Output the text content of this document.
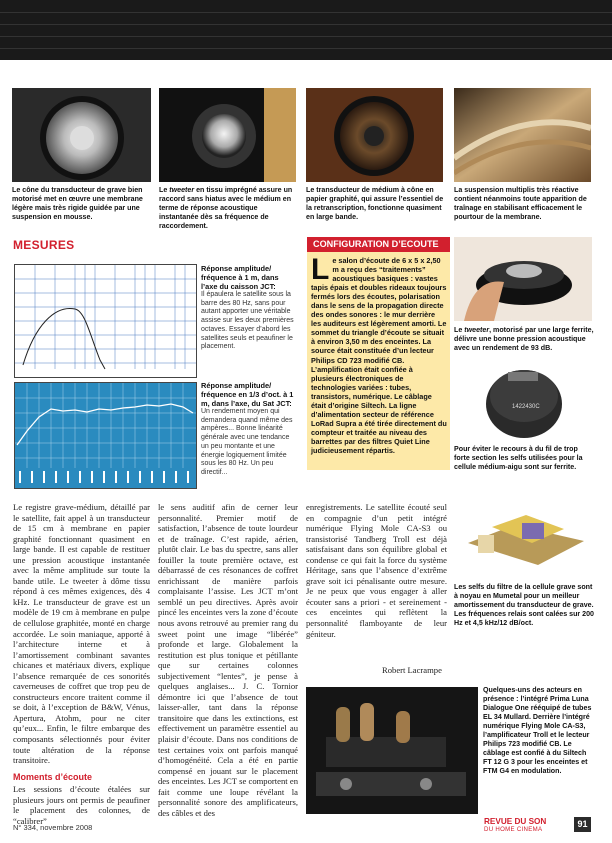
Le cône du transducteur de grave bien motorisé met en œuvre une membrane légère mais très rigide guidée par une suspension en mousse.
Le tweeter en tissu imprégné assure un raccord sans hiatus avec le médium en terme de réponse acoustique instantanée dès sa fréquence de raccordement.
Le transducteur de médium à cône en papier graphité, qui assure l’essentiel de la retranscription, fonctionne quasiment en large bande.
La suspension multiplis très réactive contient néanmoins toute apparition de traînage en stabilisant efficacement le pourtour de la membrane.
MESURES
Réponse amplitude/ fréquence à 1 m, dans l’axe du caisson JCT:
Il épaulera le satellite sous la barre des 80 Hz, sans pour autant apporter une véritable assise sur les deux premières octaves. Essayer d’abord les satellites seuls et peaufiner le placement.
Réponse amplitude/ fréquence en 1/3 d’oct. à 1 m, dans l’axe, du Sat JCT:
Un rendement moyen qui demandera quand même des ampères... Bonne linéarité générale avec une tendance un peu montante et une énergie logiquement limitée sous les 80 Hz. Un peu directif...
CONFIGURATION D’ECOUTE
Le salon d’écoute de 6 x 5 x 2,50 m a reçu des “traitements” acoustiques basiques : vastes tapis épais et doubles rideaux toujours fermés lors des écoutes, polarisation dans le sens de la propagation directe des ondes sonores : le mur derrière les auditeurs est légèrement amorti. Le sommet du triangle d’écoute se situait à environ 3,50 m des enceintes. La source était constituée d’un lecteur Philips CD 723 modifié CB. L’amplification était confiée à plusieurs électroniques de technologies variées : tubes, transistors, numérique. Le câblage était d’origine Siltech. La ligne d’alimentation secteur de référence LoRad Supra a été tirée directement du compteur et traitée au niveau des barrettes par des filtres Quiet Line judicieusement répartis.
Le tweeter, motorisé par une large ferrite, délivre une bonne pression acoustique avec un rendement de 93 dB.
1422430C
Pour éviter le recours à du fil de trop forte section les selfs utilisées pour la cellule médium-aigu sont sur ferrite.
Les selfs du filtre de la cellule grave sont à noyau en Mumetal pour un meilleur amortissement du transducteur de grave. Les fréquences relais sont calées sur 200 Hz et 4,5 kHz/12 dB/oct.
Quelques-uns des acteurs en présence : l’intégré Prima Luna Dialogue One rééquipé de tubes EL 34 Mullard. Derrière l’intégré numérique Flying Mole CA-S3, l’amplificateur Troll et le lecteur Philips 723 modifié CB. Le câblage est confié à du Siltech FT 12 G 3 pour les enceintes et FTM G4 en modulation.
Le registre grave-médium, détaillé par le satellite, fait appel à un transducteur de 15 cm à membrane en papier graphité fonctionnant quasiment en large bande. Il est capable de restituer une pression acoustique instantanée avec la même amplitude sur toute la bande utile. Le tweeter à dôme tissu répond à ces mêmes exigences, dès 4 kHz. Le transducteur de grave est un modèle de 19 cm à membrane en pulpe de cellulose graphitée, monté en charge accordée. Le soin maniaque, apporté à l’architecture interne et à l’amortissement combinant savantes chicanes et matériaux divers, explique l’absence remarquée de ces sonorités caverneuses de coffret que trop peu de constructeurs encore traitent comme il se doit, à l’exception de B&W, Vénus, Apertura, Atohm, pour ne citer qu’eux... Enfin, le filtre embarque des composants sélectionnés pour éviter toute altération de la réponse transitoire.
Moments d’écoute
Les sessions d’écoute étalées sur plusieurs jours ont permis de peaufiner le placement des colonnes, de “calibrer”
le sens auditif afin de cerner leur personnalité. Premier motif de satisfaction, l’absence de toute lourdeur et de traînage. C’est rapide, aérien, plutôt clair. Le bas du spectre, sans aller fouiller la toute première octave, est débarrassé de ces résonances de coffret enrichissant de manière parfois complaisante l’assise. Les JCT m’ont semblé un peu directives. Après avoir pincé les enceintes vers la zone d’écoute nous avons retrouvé au premier rang du sweet point une image “libérée” profonde et large. Globalement la restitution est plus tonique et pétillante que sur certaines colonnes subjectivement “lentes”, je pense à quelques anglaises... J. C. Tornior démontre ici que l’absence de tout laisser-aller, tant dans la réponse transitoire que dans les extinctions, est effectivement un paramètre essentiel au plaisir d’écoute. Dans nos conditions de test certaines voix ont parfois manqué d’homogénéité. Cela a été en partie compensé en jouant sur le placement des enceintes. Les JCT se comportent en fait comme une loupe révélant la personnalité sonore des amplificateurs, des câbles et des
enregistrements. Le satellite écouté seul en compagnie d’un petit intégré numérique Flying Mole CA-S3 ou transistorisé Tandberg Troll est déjà satisfaisant dans son équilibre global et condense ce qui fait la force du système Héritage, sans que l’absence d’extrême grave soit ici pénalisante outre mesure. Je ne peux que vous engager à aller écouter sans a priori - et sereinement - ces enceintes qui reflètent la personnalité flamboyante de leur géniteur.
Robert Lacrampe
N° 334, novembre 2008
REVUE DU SON
DU HOME CINEMA
91
